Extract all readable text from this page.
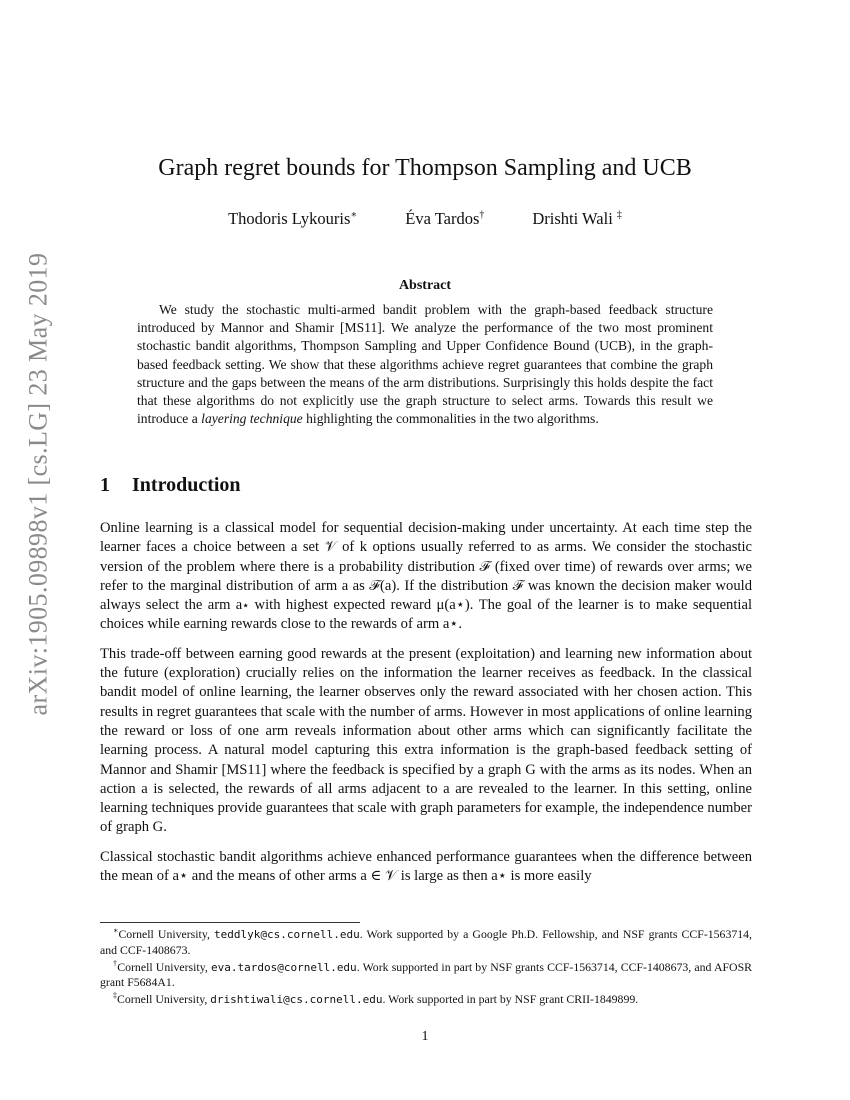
arXiv:1905.09898v1 [cs.LG] 23 May 2019
Graph regret bounds for Thompson Sampling and UCB
Thodoris Lykouris∗	Éva Tardos†	Drishti Wali ‡
Abstract
We study the stochastic multi-armed bandit problem with the graph-based feedback structure introduced by Mannor and Shamir [MS11]. We analyze the performance of the two most prominent stochastic bandit algorithms, Thompson Sampling and Upper Confidence Bound (UCB), in the graph-based feedback setting. We show that these algorithms achieve regret guarantees that combine the graph structure and the gaps between the means of the arm distributions. Surprisingly this holds despite the fact that these algorithms do not explicitly use the graph structure to select arms. Towards this result we introduce a layering technique highlighting the commonalities in the two algorithms.
1 Introduction

Online learning is a classical model for sequential decision-making under uncertainty. At each time step the learner faces a choice between a set 𝒱 of k options usually referred to as arms. We consider the stochastic version of the problem where there is a probability distribution ℱ (fixed over time) of rewards over arms; we refer to the marginal distribution of arm a as ℱ(a). If the distribution ℱ was known the decision maker would always select the arm a⋆ with highest expected reward μ(a⋆). The goal of the learner is to make sequential choices while earning rewards close to the rewards of arm a⋆.

This trade-off between earning good rewards at the present (exploitation) and learning new information about the future (exploration) crucially relies on the information the learner receives as feedback. In the classical bandit model of online learning, the learner observes only the reward associated with her chosen action. This results in regret guarantees that scale with the number of arms. However in most applications of online learning the reward or loss of one arm reveals information about other arms which can significantly facilitate the learning process. A natural model capturing this extra information is the graph-based feedback setting of Mannor and Shamir [MS11] where the feedback is specified by a graph G with the arms as its nodes. When an action a is selected, the rewards of all arms adjacent to a are revealed to the learner. In this setting, online learning techniques provide guarantees that scale with graph parameters for example, the independence number of graph G.

Classical stochastic bandit algorithms achieve enhanced performance guarantees when the difference between the mean of a⋆ and the means of other arms a ∈ 𝒱 is large as then a⋆ is more easily

∗Cornell University, teddlyk@cs.cornell.edu. Work supported by a Google Ph.D. Fellowship, and NSF grants CCF-1563714, and CCF-1408673.

†Cornell University, eva.tardos@cornell.edu. Work supported in part by NSF grants CCF-1563714, CCF-1408673, and AFOSR grant F5684A1.

‡Cornell University, drishtiwali@cs.cornell.edu. Work supported in part by NSF grant CRII-1849899.

1
